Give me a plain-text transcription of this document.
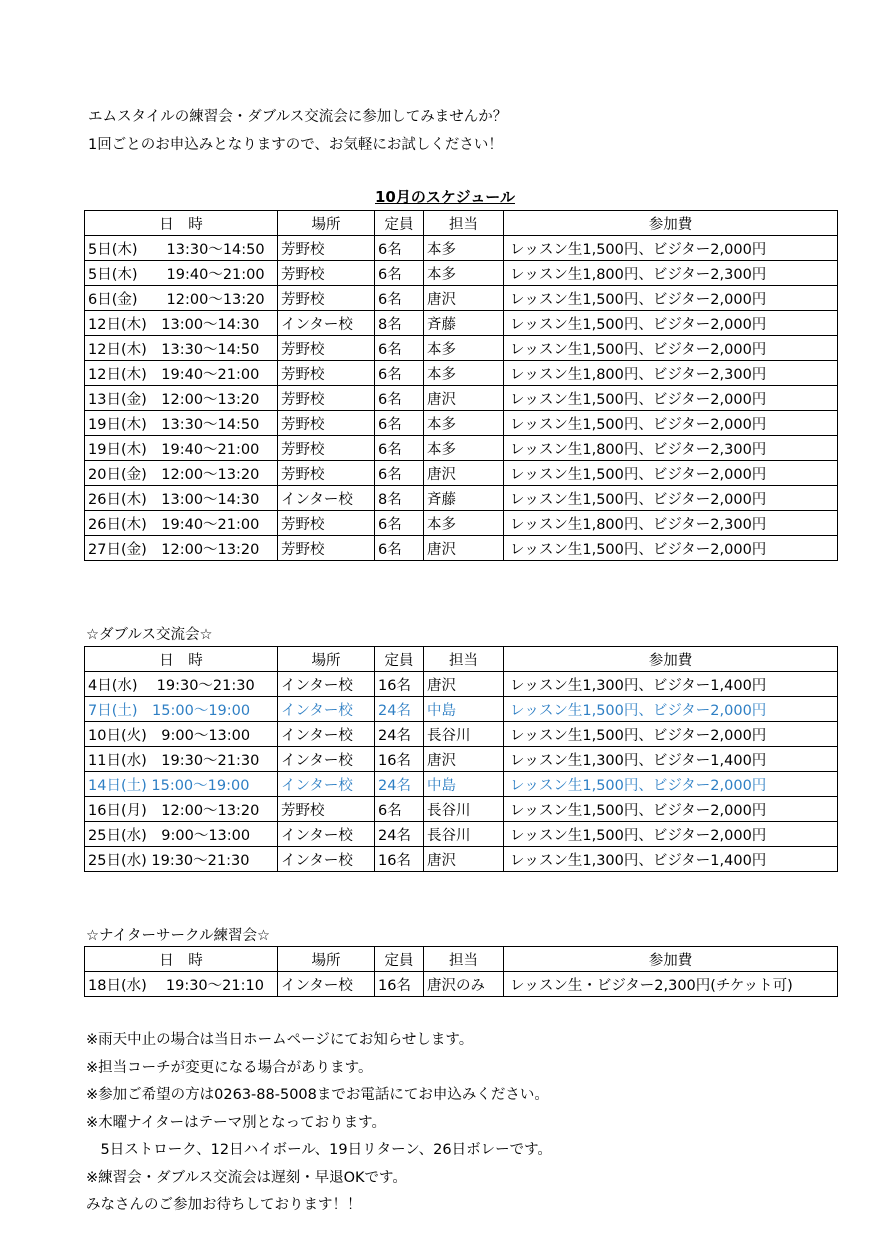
エムスタイルの練習会・ダブルス交流会に参加してみませんか？
1回ごとのお申込みとなりますので、お気軽にお試しください！
10月のスケジュール
日　時	場所	定員	担当	参加費
5日(木)　　13:30～14:50	芳野校	6名	本多	レッスン生1,500円、ビジター2,000円
5日(木)　　19:40～21:00	芳野校	6名	本多	レッスン生1,800円、ビジター2,300円
6日(金)　　12:00～13:20	芳野校	6名	唐沢	レッスン生1,500円、ビジター2,000円
12日(木)　13:00～14:30	インター校	8名	斉藤	レッスン生1,500円、ビジター2,000円
12日(木)　13:30～14:50	芳野校	6名	本多	レッスン生1,500円、ビジター2,000円
12日(木)　19:40～21:00	芳野校	6名	本多	レッスン生1,800円、ビジター2,300円
13日(金)　12:00～13:20	芳野校	6名	唐沢	レッスン生1,500円、ビジター2,000円
19日(木)　13:30～14:50	芳野校	6名	本多	レッスン生1,500円、ビジター2,000円
19日(木)　19:40～21:00	芳野校	6名	本多	レッスン生1,800円、ビジター2,300円
20日(金)　12:00～13:20	芳野校	6名	唐沢	レッスン生1,500円、ビジター2,000円
26日(木)　13:00～14:30	インター校	8名	斉藤	レッスン生1,500円、ビジター2,000円
26日(木)　19:40～21:00	芳野校	6名	本多	レッスン生1,800円、ビジター2,300円
27日(金)　12:00～13:20	芳野校	6名	唐沢	レッスン生1,500円、ビジター2,000円
☆ダブルス交流会☆
日　時	場所	定員	担当	参加費
4日(水)　 19:30～21:30	インター校	16名	唐沢	レッスン生1,300円、ビジター1,400円
7日(土)　15:00～19:00	インター校	24名	中島	レッスン生1,500円、ビジター2,000円
10日(火)　9:00～13:00	インター校	24名	長谷川	レッスン生1,500円、ビジター2,000円
11日(水)　19:30～21:30	インター校	16名	唐沢	レッスン生1,300円、ビジター1,400円
14日(土) 15:00～19:00	インター校	24名	中島	レッスン生1,500円、ビジター2,000円
16日(月)　12:00～13:20	芳野校	6名	長谷川	レッスン生1,500円、ビジター2,000円
25日(水)　9:00～13:00	インター校	24名	長谷川	レッスン生1,500円、ビジター2,000円
25日(水) 19:30～21:30	インター校	16名	唐沢	レッスン生1,300円、ビジター1,400円
☆ナイターサークル練習会☆
日　時	場所	定員	担当	参加費
18日(水)　 19:30～21:10	インター校	16名	唐沢のみ	レッスン生・ビジター2,300円(チケット可)
※雨天中止の場合は当日ホームページにてお知らせします。
※担当コーチが変更になる場合があります。
※参加ご希望の方は0263-88-5008までお電話にてお申込みください。
※木曜ナイターはテーマ別となっております。
　5日ストローク、12日ハイボール、19日リターン、26日ボレーです。
※練習会・ダブルス交流会は遅刻・早退OKです。
みなさんのご参加お待ちしております！！
